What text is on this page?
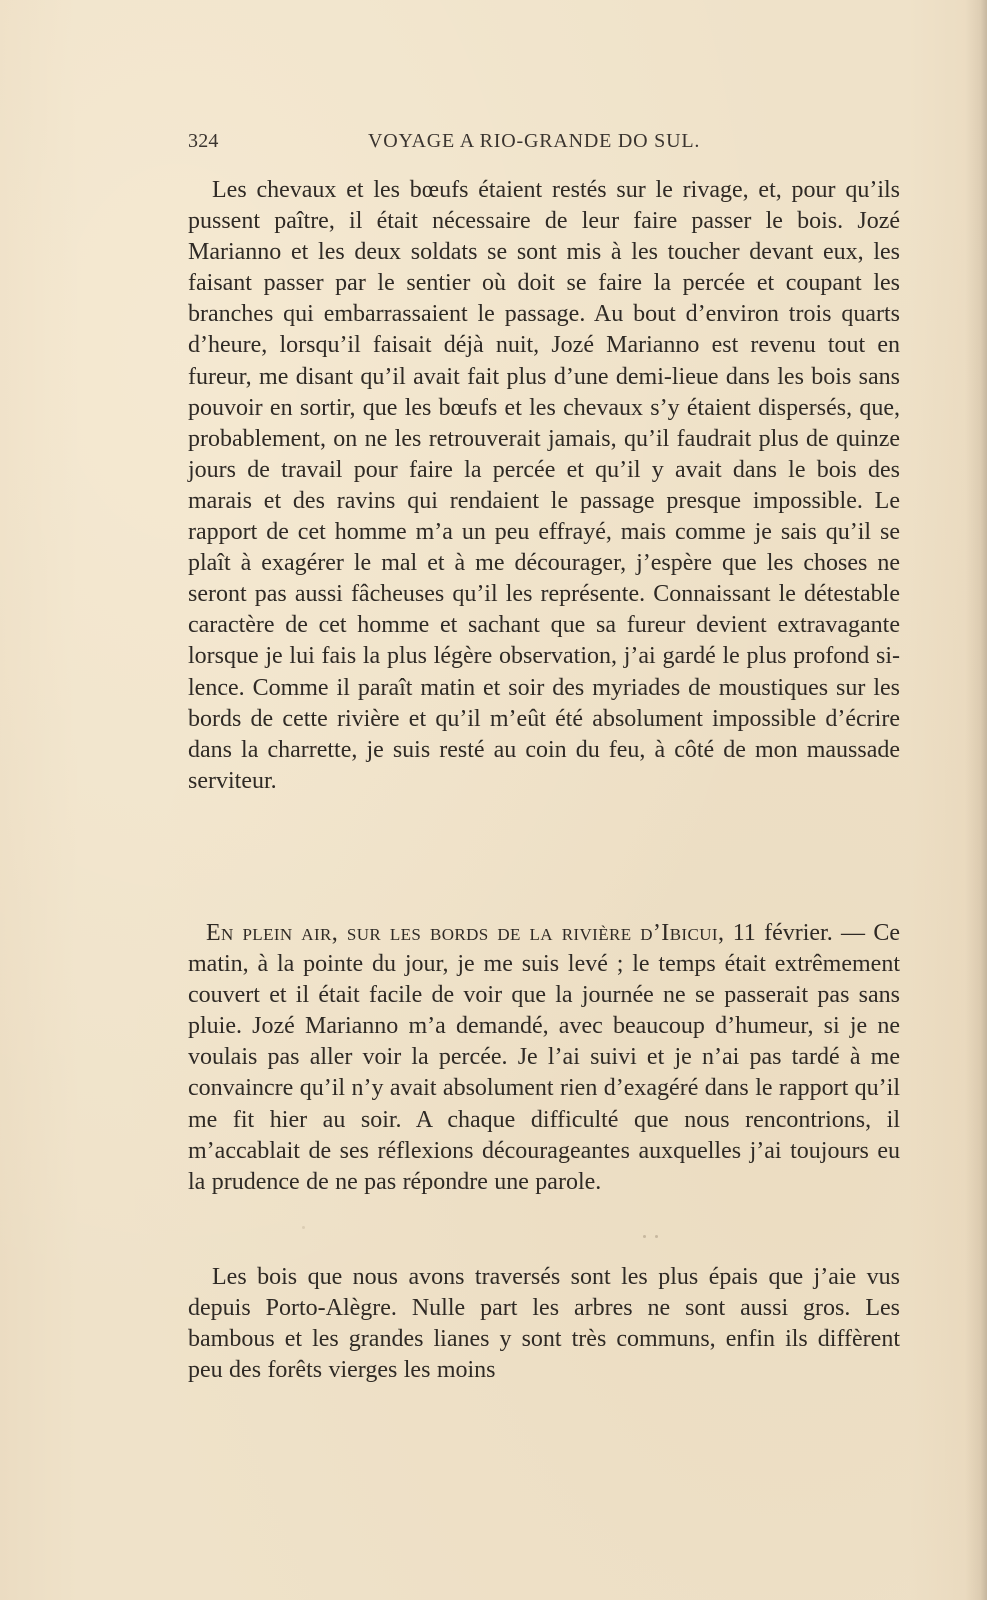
324	VOYAGE A RIO-GRANDE DO SUL.

Les chevaux et les bœufs étaient restés sur le rivage, et, pour qu’ils pussent paître, il était nécessaire de leur faire passer le bois. Jozé Marianno et les deux soldats se sont mis à les toucher devant eux, les faisant passer par le sentier où doit se faire la percée et coupant les branches qui embarrassaient le passage. Au bout d’environ trois quarts d’heure, lorsqu’il faisait déjà nuit, Jozé Marianno est revenu tout en fureur, me disant qu’il avait fait plus d’une demi-lieue dans les bois sans pouvoir en sortir, que les bœufs et les chevaux s’y étaient dispersés, que, probablement, on ne les retrouverait jamais, qu’il faudrait plus de quinze jours de travail pour faire la percée et qu’il y avait dans le bois des marais et des ravins qui rendaient le passage presque impossible. Le rapport de cet homme m’a un peu effrayé, mais comme je sais qu’il se plaît à exagérer le mal et à me décourager, j’espère que les choses ne seront pas aussi fâcheuses qu’il les représente. Connaissant le détestable caractère de cet homme et sachant que sa fureur devient extravagante lorsque je lui fais la plus légère observation, j’ai gardé le plus profond silence. Comme il paraît matin et soir des myriades de moustiques sur les bords de cette rivière et qu’il m’eût été absolument impossible d’écrire dans la charrette, je suis resté au coin du feu, à côté de mon maussade serviteur.

En plein air, sur les bords de la rivière d’Ibicui, 11 février. — Ce matin, à la pointe du jour, je me suis levé ; le temps était extrêmement couvert et il était facile de voir que la journée ne se passerait pas sans pluie. Jozé Marianno m’a demandé, avec beaucoup d’humeur, si je ne voulais pas aller voir la percée. Je l’ai suivi et je n’ai pas tardé à me convaincre qu’il n’y avait absolument rien d’exagéré dans le rapport qu’il me fit hier au soir. A chaque difficulté que nous rencontrions, il m’accablait de ses réflexions décourageantes auxquelles j’ai toujours eu la prudence de ne pas répondre une parole.

Les bois que nous avons traversés sont les plus épais que j’aie vus depuis Porto-Alègre. Nulle part les arbres ne sont aussi gros. Les bambous et les grandes lianes y sont très communs, enfin ils diffèrent peu des forêts vierges les moins
